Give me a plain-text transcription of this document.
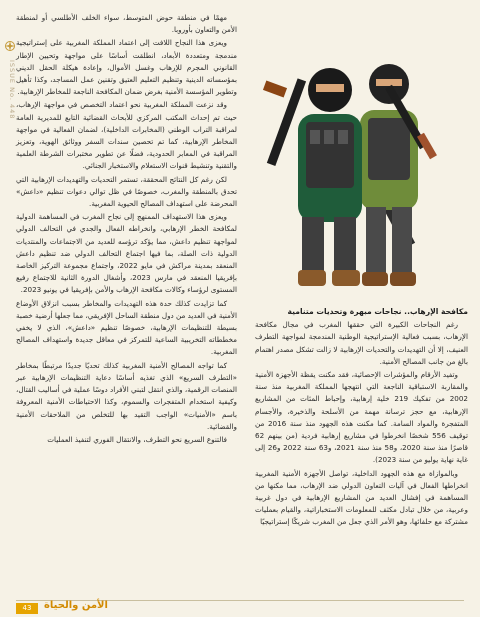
ISSUE No. 448

مهمًا في منطقة حوض المتوسط، سواء الخلف الأطلسي أو لمنطقة الأمن والتعاون بأوروبا.

ويعزى هذا النجاح اللافت إلى اعتماد المملكة المغربية على إستراتيجية مندمجة ومتعددة الأبعاد، انطلقت أساسًا على مواجهة وتحيين الإطار القانوني المجرم للإرهاب وغسل الأموال، وإعادة هيكلة الحقل الديني بمؤسساته الدينية وتنظيم التعليم العتيق وتقنين عمل المساجد، وكذا تأهيل وتطوير المؤسسة الأمنية بغرض ضمان المكافحة الناجعة للمخاطر الإرهابية.

وقد نزعت المملكة المغربية نحو اعتماد التخصص في مواجهة الإرهاب، حيث تم إحداث المكتب المركزي للأبحاث القضائية التابع للمديرية العامة لمراقبة التراب الوطني (المخابرات الداخلية)، لضمان الفعالية في مواجهة المخاطر الإرهابية، كما تم تحصين سندات السفر ووثائق الهوية، وتعزيز المراقبة في المعابر الحدودية، فضلًا عن تطوير مختبرات الشرطة العلمية والتقنية وتنشيط قنوات الاستعلام والاستخبار الجنائي.

لكن رغم كل النتائج المحققة، تستمر التحديات والتهديدات الإرهابية التي تحدق بالمنطقة والمغرب، خصوصًا في ظل توالي دعوات تنظيم «داعش» المحرضة على استهداف المصالح الحيوية المغربية.

ويعزى هذا الاستهداف الممنهج إلى نجاح المغرب في المساهمة الدولية لمكافحة الخطر الإرهابي، وانخراطه الفعال والجدي في التحالف الدولي لمواجهة تنظيم داعش، مما يؤكد ترؤسه للعديد من الاجتماعات والمنتديات الدولية ذات الصلة، بما فيها اجتماع التحالف الدولي ضد تنظيم داعش المنعقد بمدينة مراكش في مايو 2022، واجتماع مجموعة التركيز الخاصة بإفريقيا المنعقد في مارس 2023، وأشغال الدورة الثانية للاجتماع رفيع المستوى لرؤساء وكالات مكافحة الإرهاب والأمن بإفريقيا في يونيو 2023.

كما تزايدت كذلك حدة هذه التهديدات والمخاطر بسبب انزلاق الأوضاع الأمنية في العديد من دول منطقة الساحل الإفريقي، مما جعلها أرضية خصبة بسيطة للتنظيمات الإرهابية، خصوصًا تنظيم «داعش»، الذي لا يخفي مخططاته التخريبية الساعية للتمركز في معاقل جديدة واستهداف المصالح المغربية.

كما تواجه المصالح الأمنية المغربية كذلك تحديًا جديدًا مرتبطًا بمخاطر «التطرف السريع» الذي تغذيه أساسًا دعاية التنظيمات الإرهابية عبر المنصات الرقمية، والذي انتقل لتبني الأفراد دوسًا عملية في أساليب القتال، وكيفية استخدام المتفجرات والسموم، وكذا الاحتياطات الأمنية المعروفة باسم «الأمنيات» الواجب التقيد بها للتخلص من الملاحقات الأمنية والقضائية.

فالتنوع السريع نحو التطرف، والانتقال الفوري لتنفيذ العمليات

مكافحة الإرهاب.. نجاحات مبهرة وتحديات متنامية

رغم النجاحات الكبيرة التي حققها المغرب في مجال مكافحة الإرهاب، بسبب فعالية الإستراتيجية الوطنية المندمجة لمواجهة التطرف العنيف، إلا أن التهديدات والتحديات الإرهابية لا زالت تشكل مصدر اهتمام بالغ من جانب المصالح الأمنية.

وتفيد الأرقام والمؤشرات الإحصائية، فقد مكنت يقظة الأجهزة الأمنية والمقاربة الاستباقية الناجعة التي انتهجها المملكة المغربية منذ سنة 2002 من تفكيك 219 خلية إرهابية، وإحباط المئات من المشاريع الإرهابية، مع حجز ترسانة مهمة من الأسلحة والذخيرة، والأجسام المتفجرة والمواد السامة. كما مكنت هذه الجهود منذ سنة 2016 من توقيف 556 شخصًا انخرطوا في مشاريع إرهابية فردية (من بينهم 62 قاصرًا منذ سنة 2020، و58 منذ سنة 2021، و63 سنة 2022 و26 إلى غاية نهاية يوليو من سنة 2023).

وبالموازاة مع هذه الجهود الداخلية، تواصل الأجهزة الأمنية المغربية انخراطها الفعال في آليات التعاون الدولي ضد الإرهاب، مما مكنها من المساهمة في إفشال العديد من المشاريع الإرهابية في دول غربية وعربية، من خلال تبادل مكثف للمعلومات الاستخباراتية، والقيام بعمليات مشتركة مع حلفائها، وهو الأمر الذي جعل من المغرب شريكًا إستراتيجيًا

43	الأمن والحياة
